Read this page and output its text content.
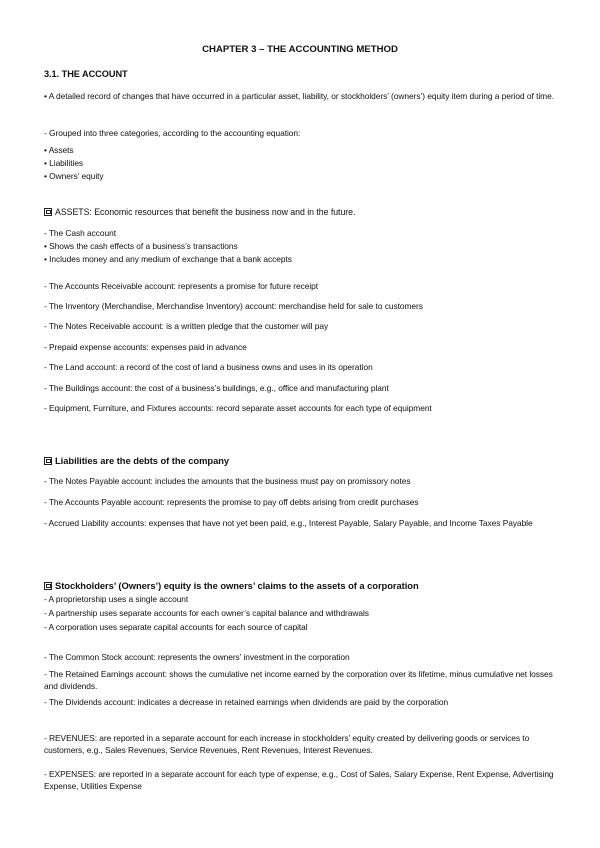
CHAPTER 3 – THE ACCOUNTING METHOD
3.1. THE ACCOUNT
• A detailed record of changes that have occurred in a particular asset, liability, or stockholders’ (owners’) equity item during a period of time.
- Grouped into three categories, according to the accounting equation:
• Assets
• Liabilities
• Owners’ equity
ASSETS: Economic resources that benefit the business now and in the future.
- The Cash account
• Shows the cash effects of a business’s transactions
• Includes money and any medium of exchange that a bank accepts
- The Accounts Receivable account: represents a promise for future receipt
- The Inventory (Merchandise, Merchandise Inventory) account: merchandise held for sale to customers
- The Notes Receivable account: is a written pledge that the customer will pay
- Prepaid expense accounts: expenses paid in advance
- The Land account: a record of the cost of land a business owns and uses in its operation
- The Buildings account: the cost of a business’s buildings, e.g., office and manufacturing plant
- Equipment, Furniture, and Fixtures accounts: record separate asset accounts for each type of equipment
Liabilities are the debts of the company
- The Notes Payable account: includes the amounts that the business must pay on promissory notes
- The Accounts Payable account: represents the promise to pay off debts arising from credit purchases
- Accrued Liability accounts: expenses that have not yet been paid, e.g., Interest Payable, Salary Payable, and Income Taxes Payable
Stockholders’ (Owners’) equity is the owners’ claims to the assets of a corporation
- A proprietorship uses a single account
- A partnership uses separate accounts for each owner’s capital balance and withdrawals
- A corporation uses separate capital accounts for each source of capital
- The Common Stock account: represents the owners’ investment in the corporation
- The Retained Earnings account: shows the cumulative net income earned by the corporation over its lifetime, minus cumulative net losses and dividends.
- The Dividends account: indicates a decrease in retained earnings when dividends are paid by the corporation
- REVENUES: are reported in a separate account for each increase in stockholders’ equity created by delivering goods or services to customers, e.g., Sales Revenues, Service Revenues, Rent Revenues, Interest Revenues.
- EXPENSES: are reported in a separate account for each type of expense, e.g., Cost of Sales, Salary Expense, Rent Expense, Advertising Expense, Utilities Expense
